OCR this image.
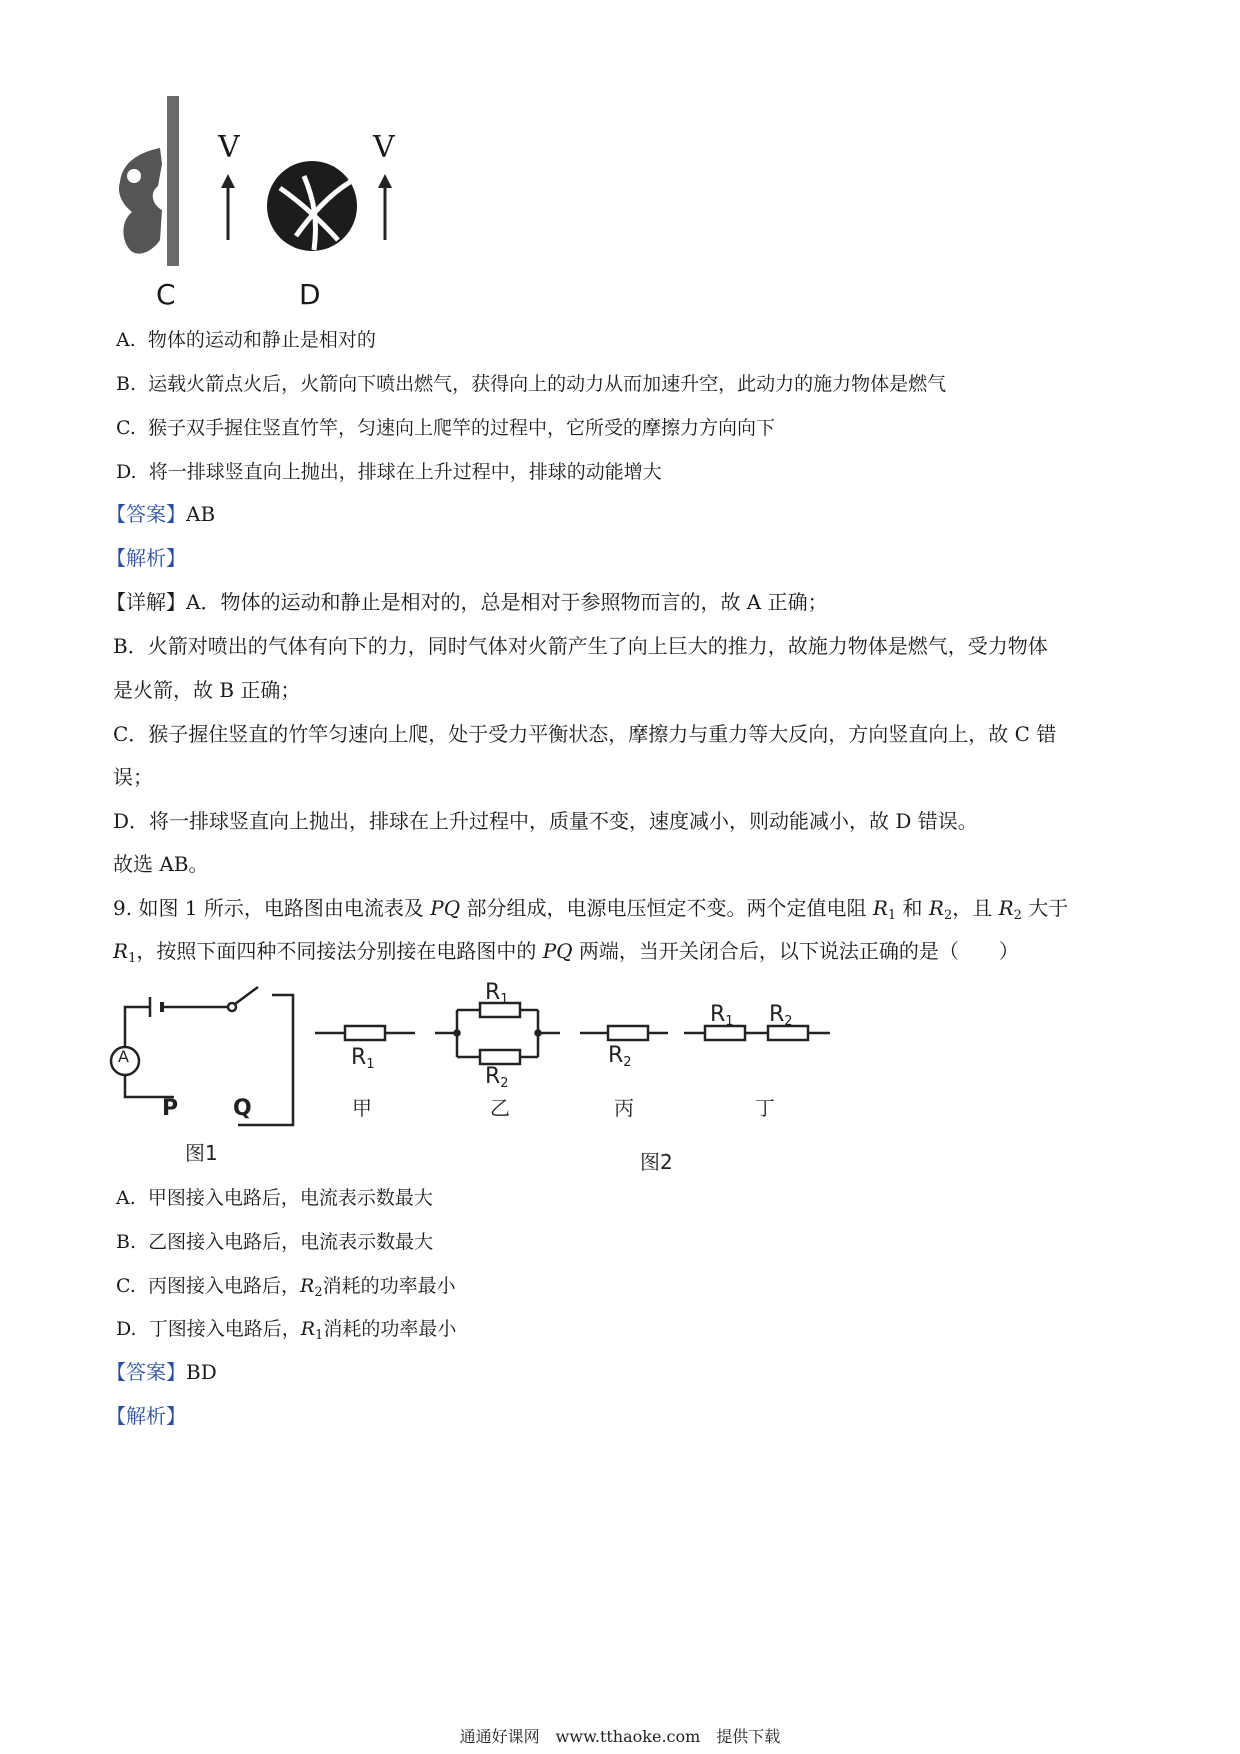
V	V
C	D
A. 物体的运动和静止是相对的
B. 运载火箭点火后，火箭向下喷出燃气，获得向上的动力从而加速升空，此动力的施力物体是燃气
C. 猴子双手握住竖直竹竿，匀速向上爬竿的过程中，它所受的摩擦力方向向下
D. 将一排球竖直向上抛出，排球在上升过程中，排球的动能增大
【答案】AB
【解析】
【详解】A．物体的运动和静止是相对的，总是相对于参照物而言的，故 A 正确；
B．火箭对喷出的气体有向下的力，同时气体对火箭产生了向上巨大的推力，故施力物体是燃气，受力物体
是火箭，故 B 正确；
C．猴子握住竖直的竹竿匀速向上爬，处于受力平衡状态，摩擦力与重力等大反向，方向竖直向上，故 C 错
误；
D．将一排球竖直向上抛出，排球在上升过程中，质量不变，速度减小，则动能减小，故 D 错误。
故选 AB。
9. 如图 1 所示，电路图由电流表及 PQ 部分组成，电源电压恒定不变。两个定值电阻 $R_1$ 和 $R_2$，且 $R_2$ 大于
$R_1$，按照下面四种不同接法分别接在电路图中的 PQ 两端，当开关闭合后，以下说法正确的是（　　）
A
P Q
图1
$R_1$
甲
$R_1$
$R_2$
乙
$R_2$
丙
$R_1$ $R_2$
丁
图2
A. 甲图接入电路后，电流表示数最大
B. 乙图接入电路后，电流表示数最大
C. 丙图接入电路后，$R_2$消耗的功率最小
D. 丁图接入电路后，$R_1$消耗的功率最小
【答案】BD
【解析】
通通好课网　www.tthaoke.com　提供下载
